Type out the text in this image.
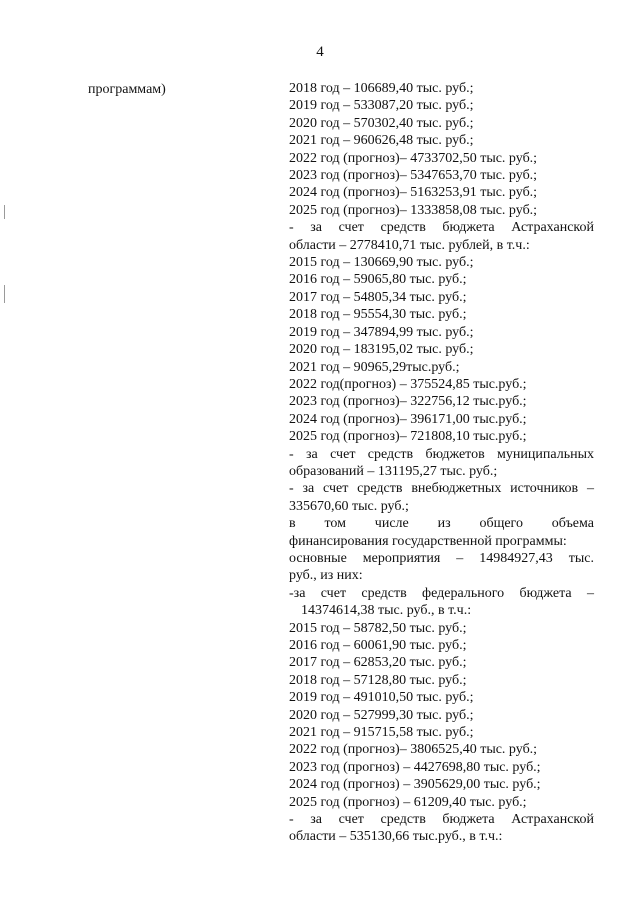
4
программам)	2018 год – 106689,40 тыс. руб.;
2019 год – 533087,20 тыс. руб.;
2020 год – 570302,40 тыс. руб.;
2021 год – 960626,48 тыс. руб.;
2022 год (прогноз)– 4733702,50 тыс. руб.;
2023 год (прогноз)– 5347653,70 тыс. руб.;
2024 год (прогноз)– 5163253,91 тыс. руб.;
2025 год (прогноз)– 1333858,08 тыс. руб.;
- за счет средств бюджета Астраханской
области – 2778410,71 тыс. рублей, в т.ч.:
2015 год – 130669,90 тыс. руб.;
2016 год – 59065,80 тыс. руб.;
2017 год – 54805,34 тыс. руб.;
2018 год – 95554,30 тыс. руб.;
2019 год – 347894,99 тыс. руб.;
2020 год – 183195,02 тыс. руб.;
2021 год – 90965,29тыс.руб.;
2022 год(прогноз) – 375524,85 тыс.руб.;
2023 год (прогноз)– 322756,12 тыс.руб.;
2024 год (прогноз)– 396171,00 тыс.руб.;
2025 год (прогноз)– 721808,10 тыс.руб.;
- за счет средств бюджетов муниципальных
образований – 131195,27 тыс. руб.;
- за счет средств внебюджетных источников –
335670,60 тыс. руб.;
в том числе из общего объема
финансирования государственной программы:
основные мероприятия – 14984927,43 тыс.
руб., из них:
-за счет средств федерального бюджета –
14374614,38 тыс. руб., в т.ч.:
2015 год – 58782,50 тыс. руб.;
2016 год – 60061,90 тыс. руб.;
2017 год – 62853,20 тыс. руб.;
2018 год – 57128,80 тыс. руб.;
2019 год – 491010,50 тыс. руб.;
2020 год – 527999,30 тыс. руб.;
2021 год – 915715,58 тыс. руб.;
2022 год (прогноз)– 3806525,40 тыс. руб.;
2023 год (прогноз) – 4427698,80 тыс. руб.;
2024 год (прогноз) – 3905629,00 тыс. руб.;
2025 год (прогноз) – 61209,40 тыс. руб.;
- за счет средств бюджета Астраханской
области – 535130,66 тыс.руб., в т.ч.:
